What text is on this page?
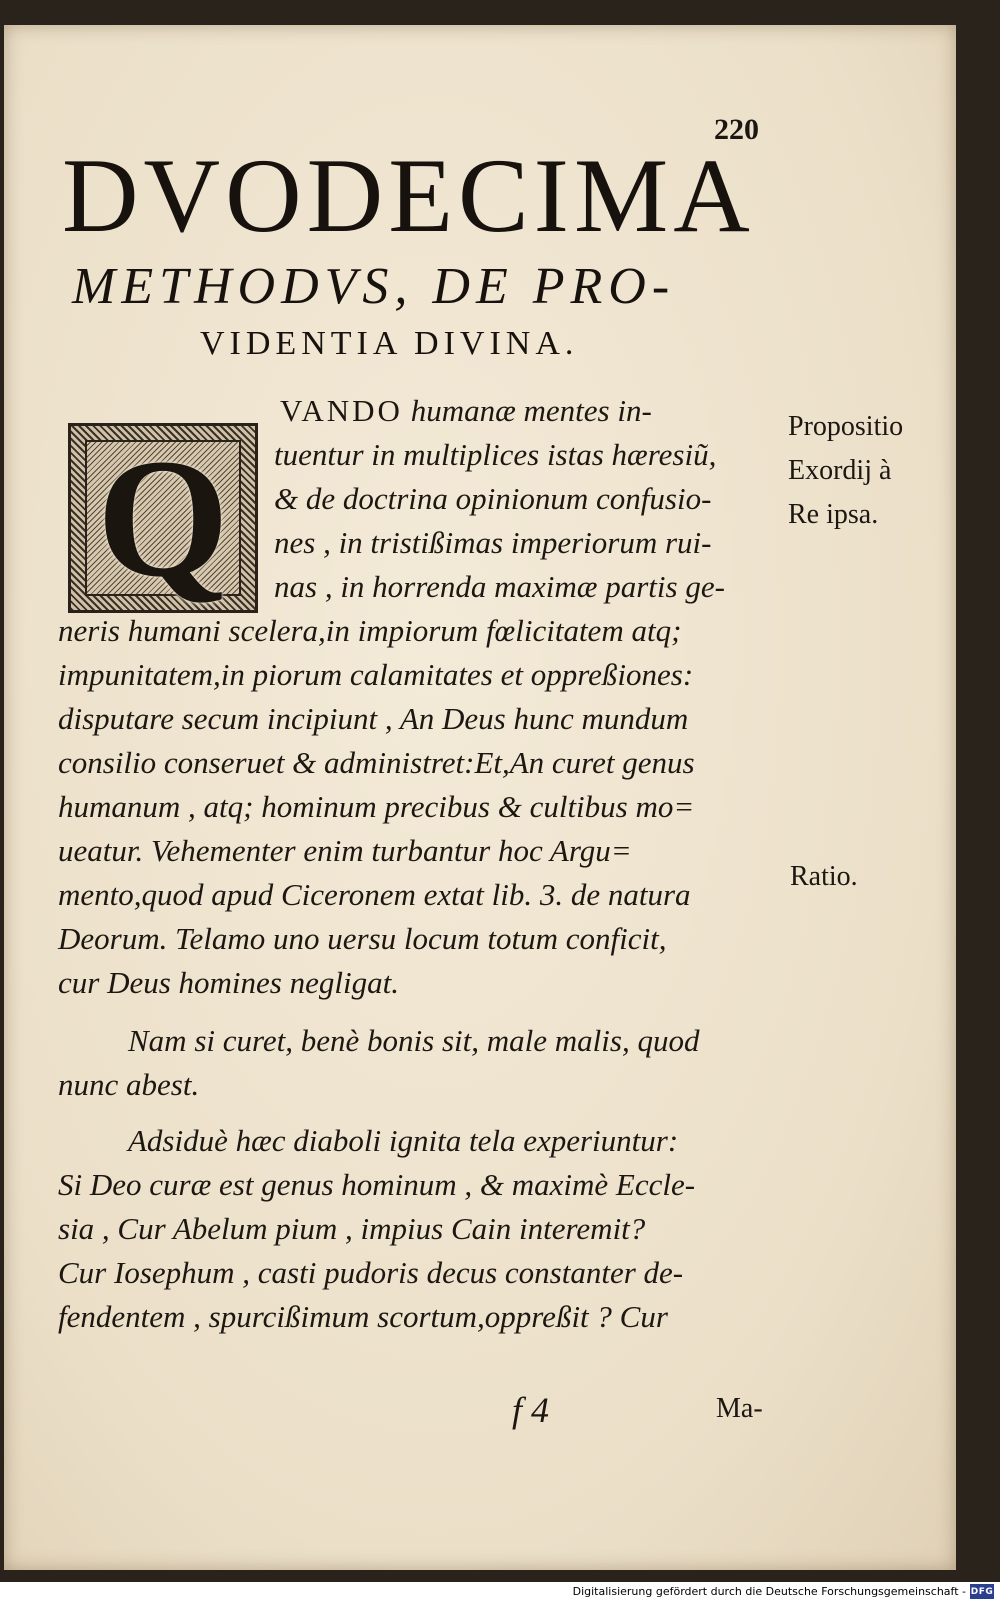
220
DVODECIMA
METHODVS, DE PRO-
VIDENTIA DIVINA.
Q	Propositio
Exordij à
Re ipsa.
Ratio.
f 4	Ma-
VANDO humanæ mentes in-
tuentur in multiplices istas hæresiũ,
& de doctrina opinionum confusio-
nes , in tristißimas imperiorum rui-
nas , in horrenda maximæ partis ge-
neris humani scelera,in impiorum fœlicitatem atq;
impunitatem,in piorum calamitates et oppreßiones:
disputare secum incipiunt , An Deus hunc mundum
consilio conseruet & administret:Et,An curet genus
humanum , atq; hominum precibus & cultibus mo=
ueatur. Vehementer enim turbantur hoc Argu=
mento,quod apud Ciceronem extat lib. 3. de natura
Deorum. Telamo uno uersu locum totum conficit,
cur Deus homines negligat.
Nam si curet, benè bonis sit, male malis, quod
nunc abest.
Adsiduè hæc diaboli ignita tela experiuntur:
Si Deo curæ est genus hominum , & maximè Eccle-
sia , Cur Abelum pium , impius Cain interemit?
Cur Iosephum , casti pudoris decus constanter de-
fendentem , spurcißimum scortum,oppreßit ? Cur
Digitalisierung gefördert durch die Deutsche Forschungsgemeinschaft - DFG
